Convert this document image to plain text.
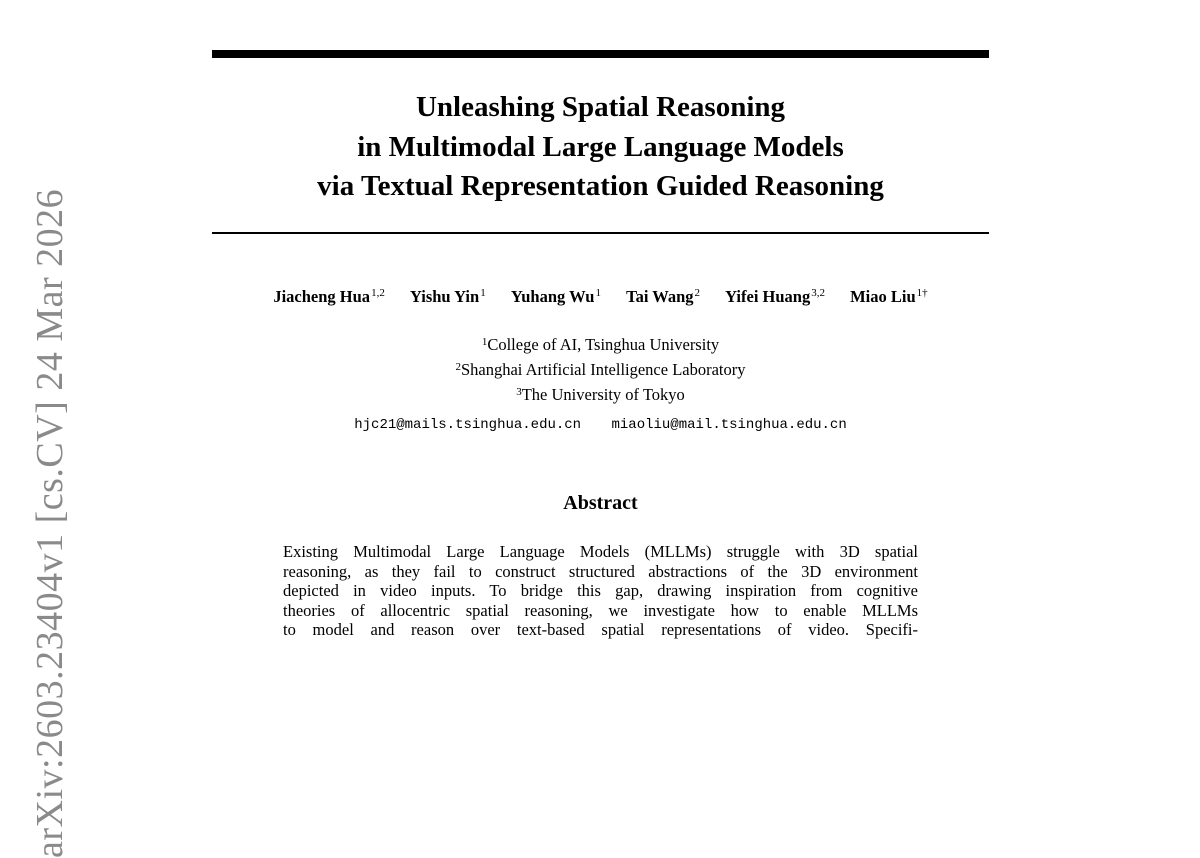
arXiv:2603.23404v1 [cs.CV] 24 Mar 2026
Unleashing Spatial Reasoning
in Multimodal Large Language Models
via Textual Representation Guided Reasoning
Jiacheng Hua$^{1,2}$ Yishu Yin$^1$ Yuhang Wu$^1$ Tai Wang$^2$ Yifei Huang$^{3,2}$ Miao Liu$^{1\dagger}$
$^1$College of AI, Tsinghua University
$^2$Shanghai Artificial Intelligence Laboratory
$^3$The University of Tokyo
hjc21@mails.tsinghua.edu.cn miaoliu@mail.tsinghua.edu.cn
Abstract
Existing Multimodal Large Language Models (MLLMs) struggle with 3D spatial
reasoning, as they fail to construct structured abstractions of the 3D environment
depicted in video inputs. To bridge this gap, drawing inspiration from cognitive
theories of allocentric spatial reasoning, we investigate how to enable MLLMs
to model and reason over text-based spatial representations of video. Specifi-
